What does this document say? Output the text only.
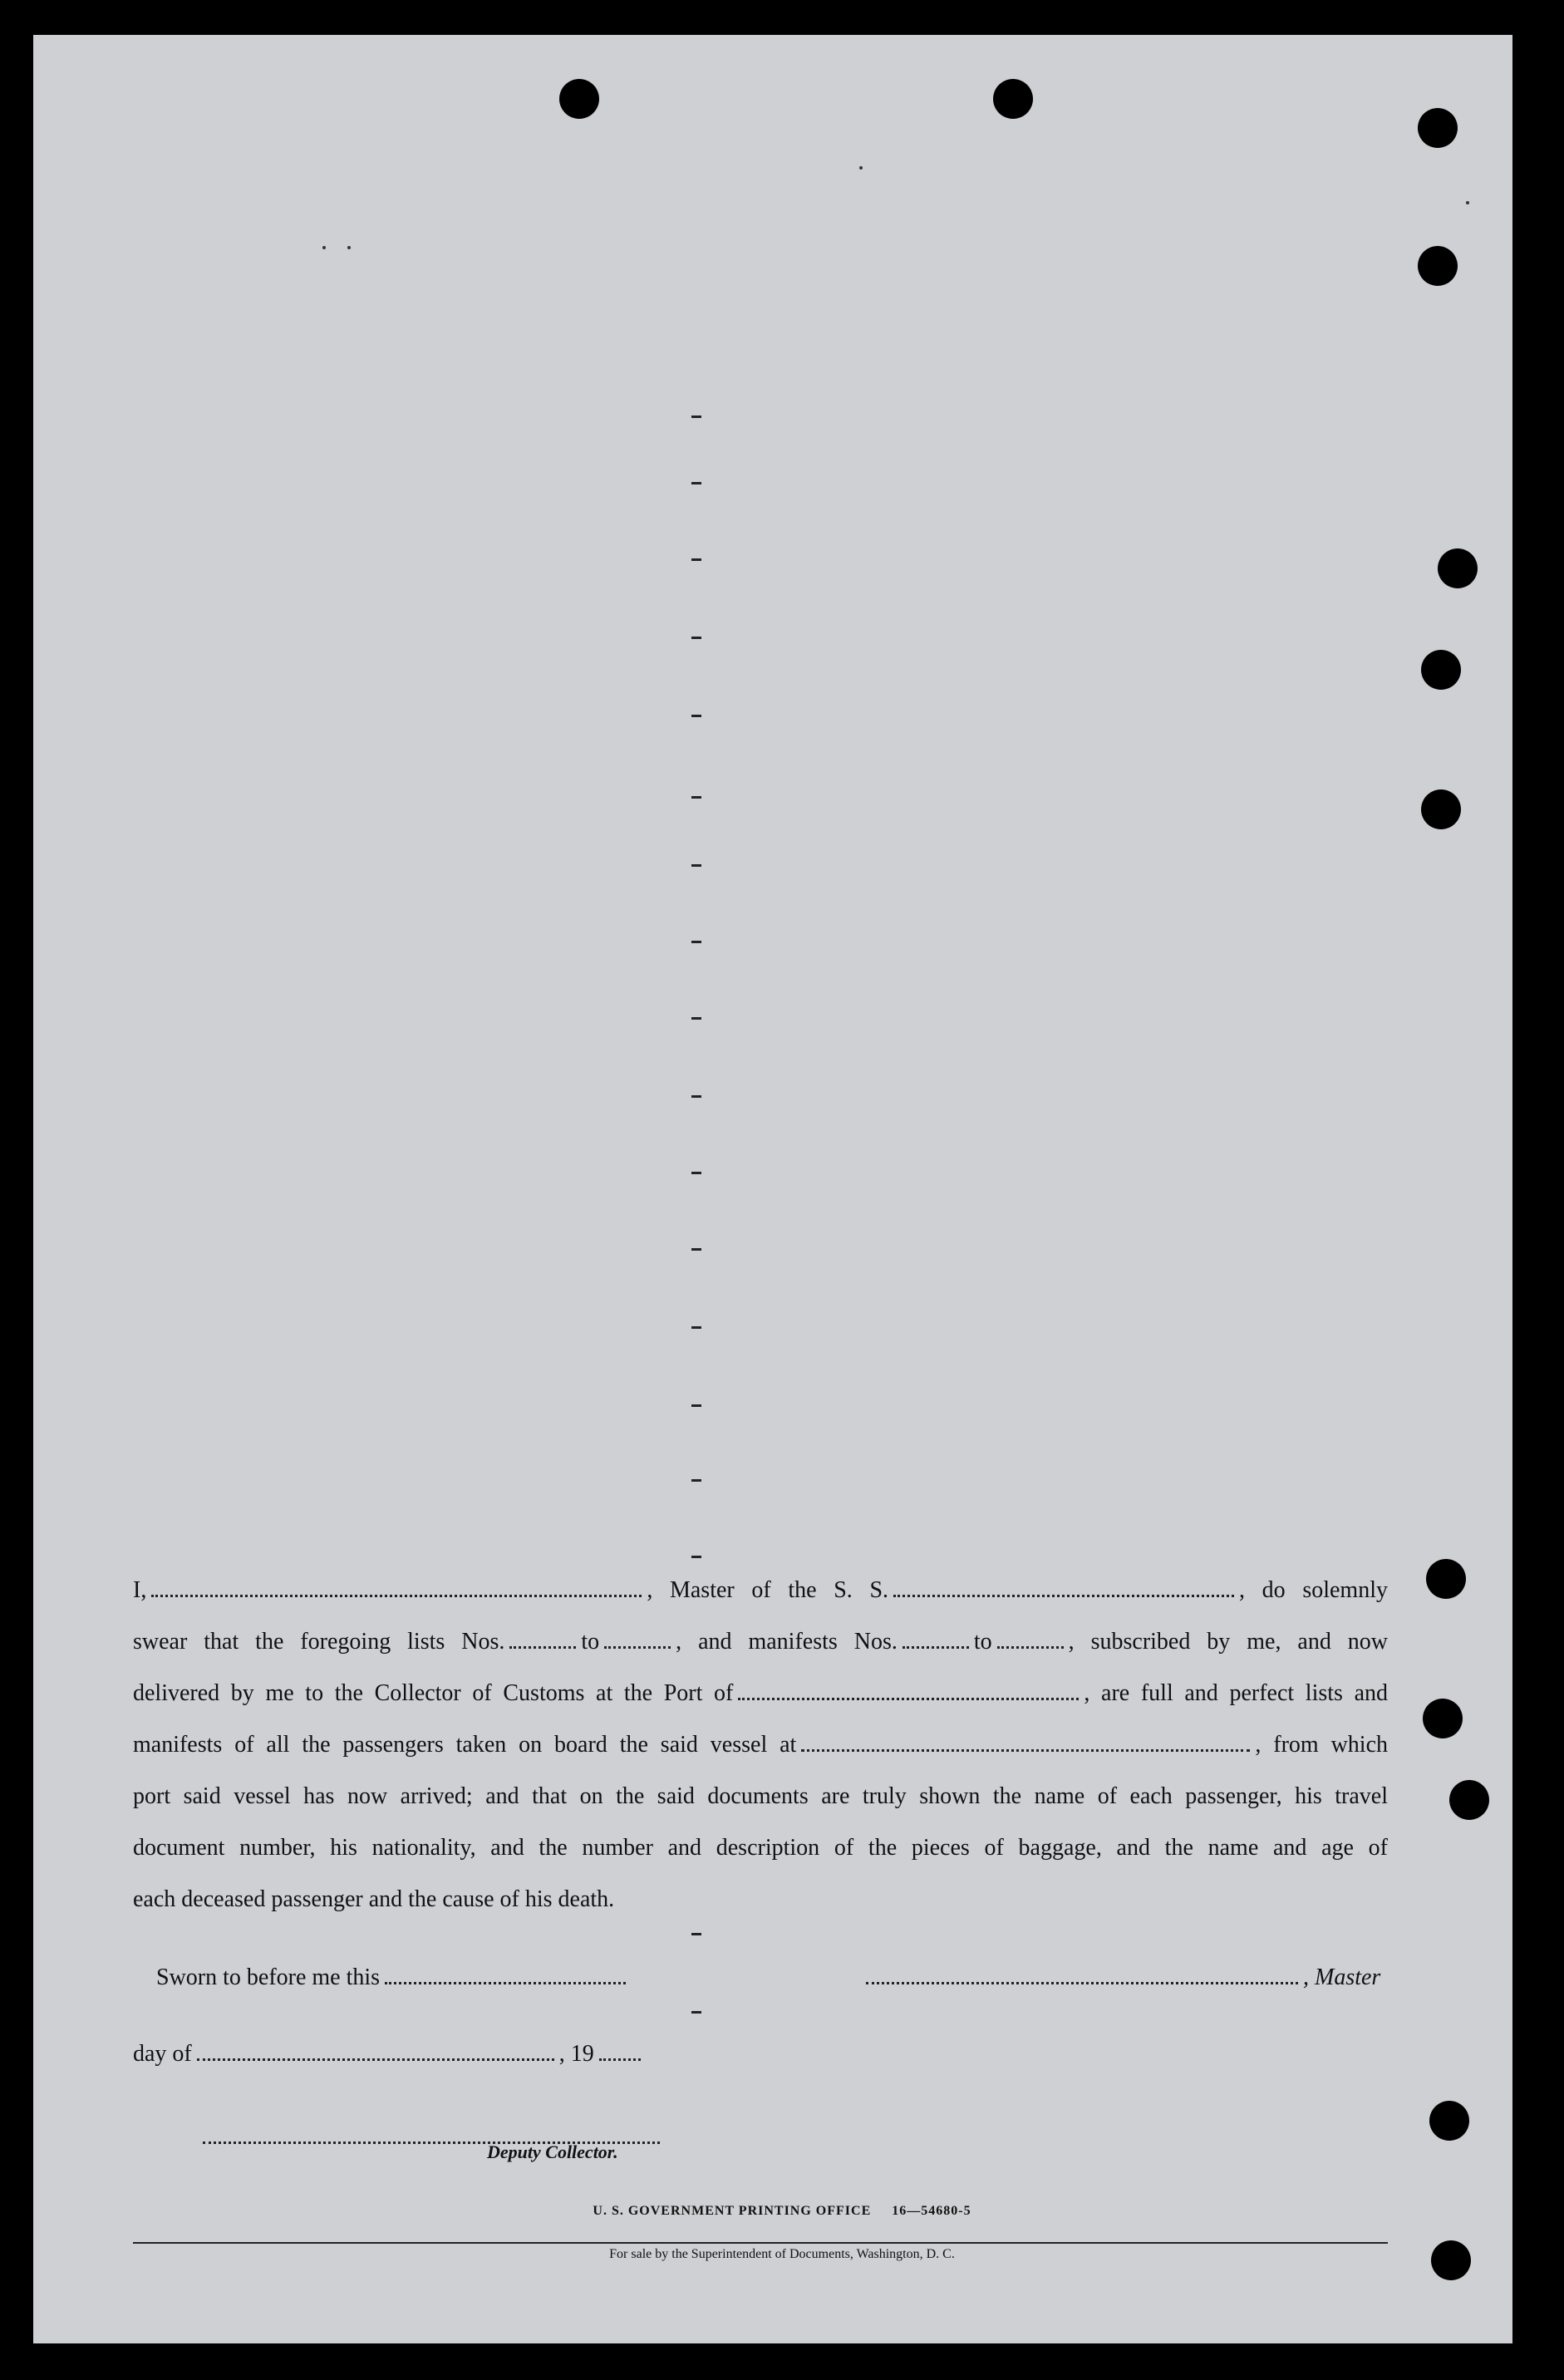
I,	, Master of the S. S.	, do solemnly
swear that the foregoing lists Nos.	to	, and manifests Nos.	to	, subscribed by me, and now
delivered by me to the Collector of Customs at the Port of	, are full and perfect lists and
manifests of all the passengers taken on board the said vessel at	, from which
port said vessel has now arrived; and that on the said documents are truly shown the name of each passenger, his travel
document number, his nationality, and the number and description of the pieces of baggage, and the name and age of
each deceased passenger and the cause of his death.
Sworn to before me this	, Master
day of	, 19
Deputy Collector.
U. S. GOVERNMENT PRINTING OFFICE     16—54680-5
For sale by the Superintendent of Documents, Washington, D. C.
